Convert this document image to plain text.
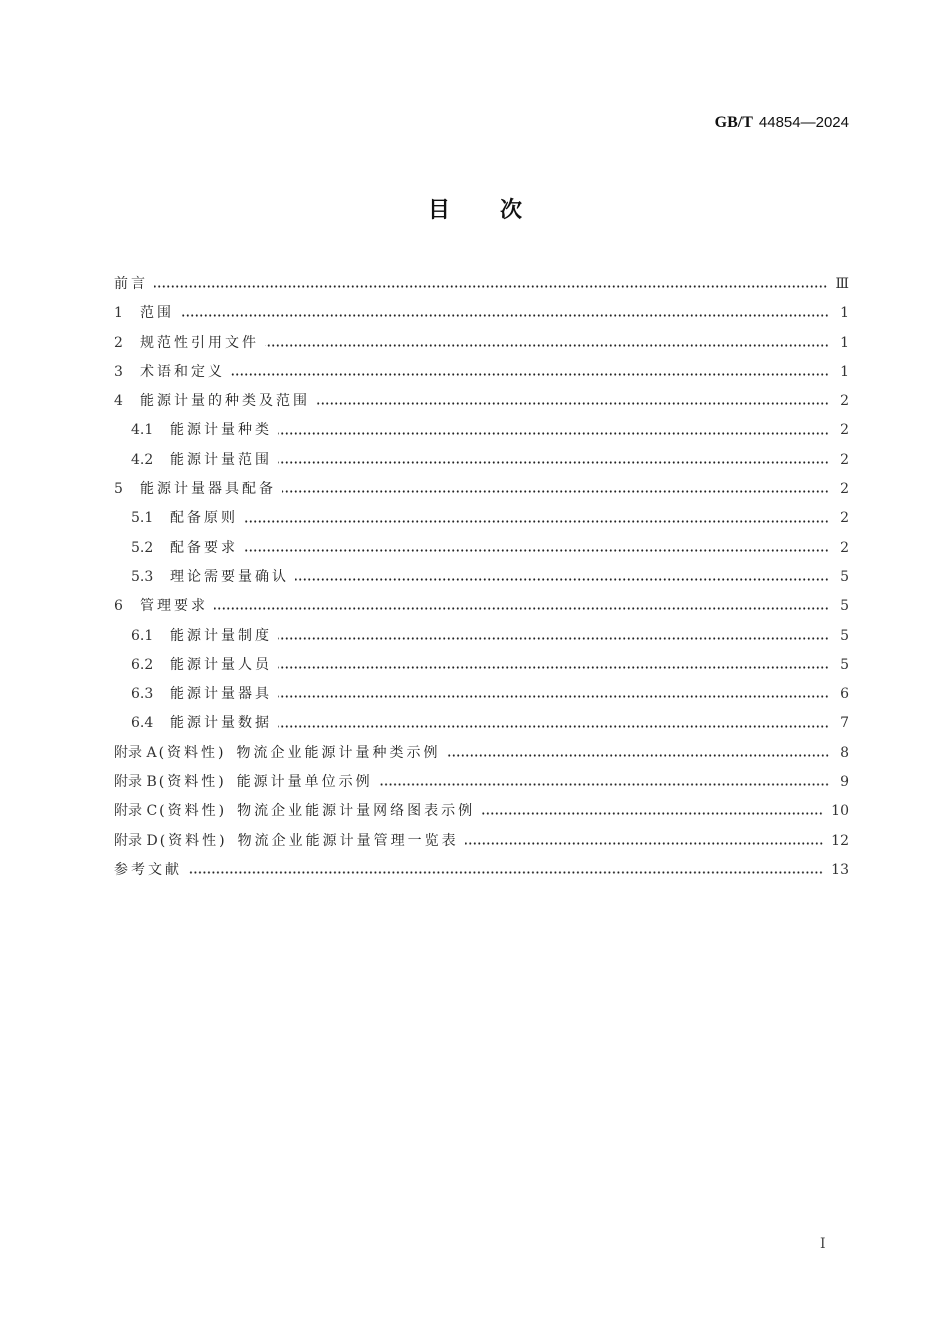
GB/T 44854—2024
目次
前言	Ⅲ
1	范围	1
2	规范性引用文件	1
3	术语和定义	1
4	能源计量的种类及范围	2
4.1	能源计量种类	2
4.2	能源计量范围	2
5	能源计量器具配备	2
5.1	配备原则	2
5.2	配备要求	2
5.3	理论需要量确认	5
6	管理要求	5
6.1	能源计量制度	5
6.2	能源计量人员	5
6.3	能源计量器具	6
6.4	能源计量数据	7
附录 A (资料性) 物流企业能源计量种类示例	8
附录 B (资料性) 能源计量单位示例	9
附录 C (资料性) 物流企业能源计量网络图表示例	10
附录 D (资料性) 物流企业能源计量管理一览表	12
参考文献	13
I
